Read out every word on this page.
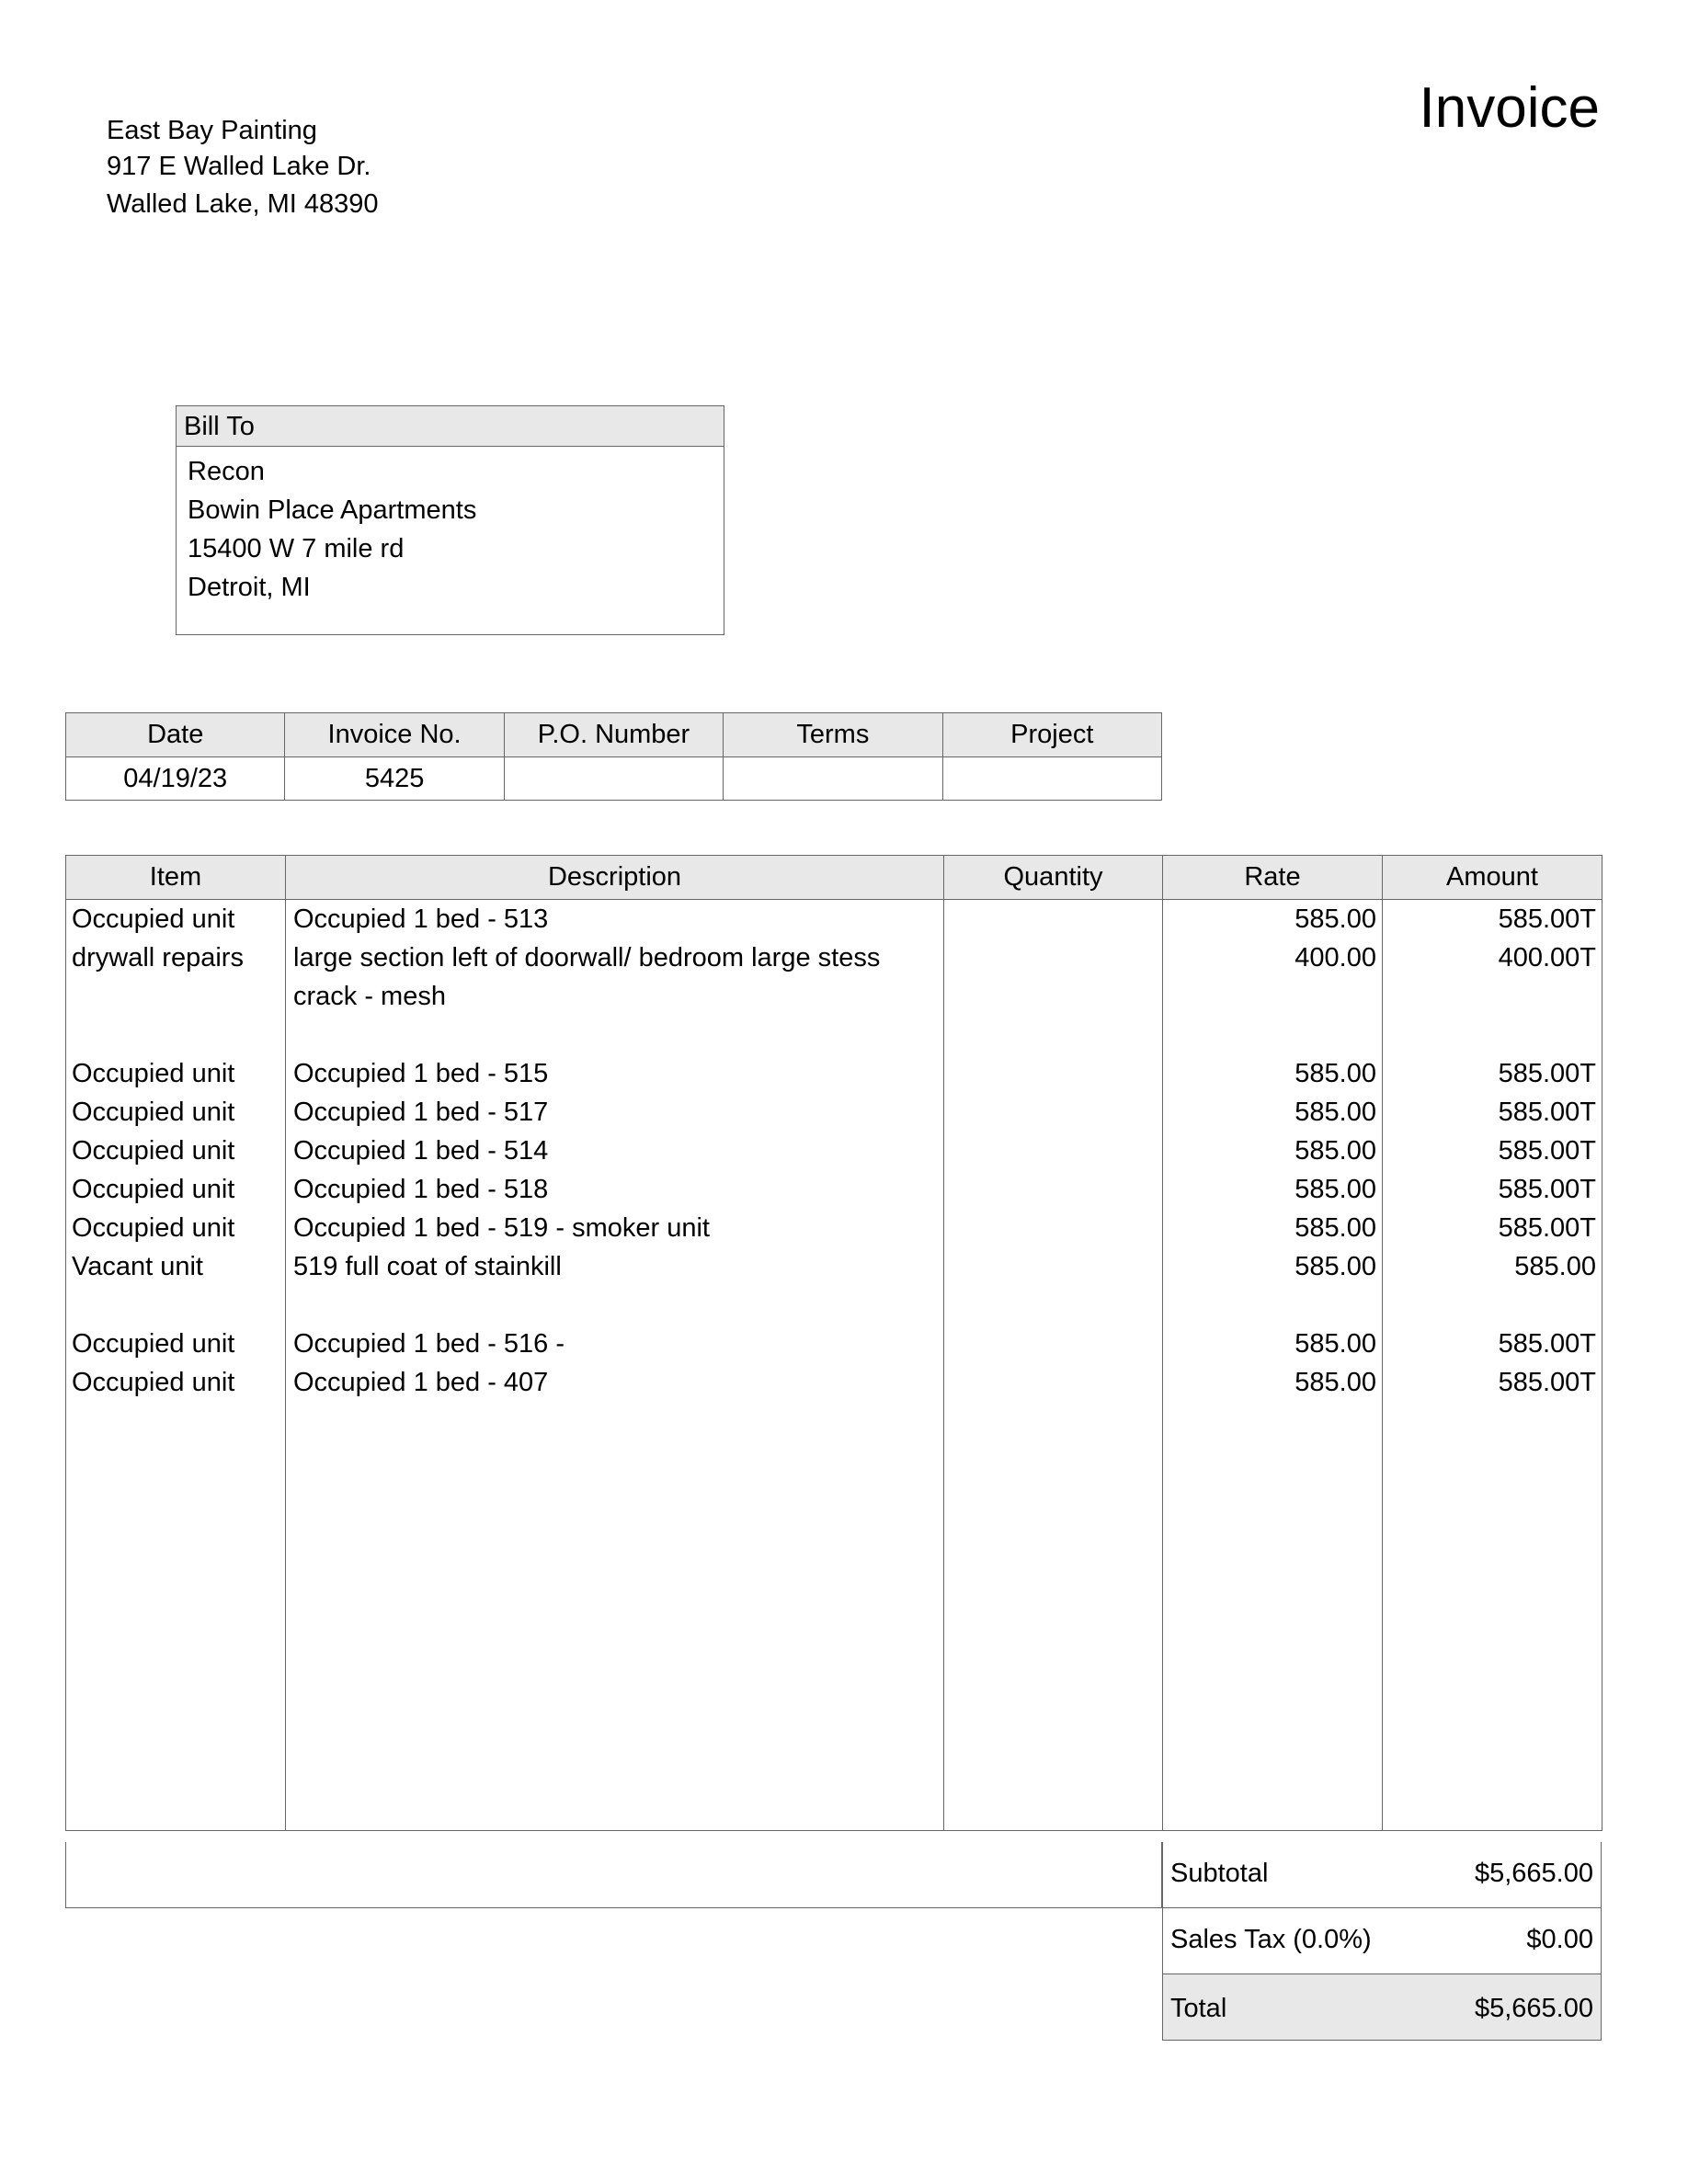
East Bay Painting
917 E Walled Lake Dr.
Walled Lake, MI 48390
Invoice
Bill To
Recon
Bowin Place Apartments
15400 W 7 mile rd
Detroit, MI
Date	Invoice No.	P.O. Number	Terms	Project
04/19/23	5425			
Item	Description	Quantity	Rate	Amount
Occupied unit	Occupied 1 bed - 513		585.00	585.00T
drywall repairs	large section left of doorwall/ bedroom large stess crack - mesh		400.00	400.00T

Occupied unit	Occupied 1 bed - 515		585.00	585.00T
Occupied unit	Occupied 1 bed - 517		585.00	585.00T
Occupied unit	Occupied 1 bed - 514		585.00	585.00T
Occupied unit	Occupied 1 bed - 518		585.00	585.00T
Occupied unit	Occupied 1 bed - 519 - smoker unit		585.00	585.00T
Vacant unit	519 full coat of stainkill		585.00	585.00

Occupied unit	Occupied 1 bed - 516 -		585.00	585.00T
Occupied unit	Occupied 1 bed - 407		585.00	585.00T

Subtotal	$5,665.00
Sales Tax (0.0%)	$0.00
Total	$5,665.00
